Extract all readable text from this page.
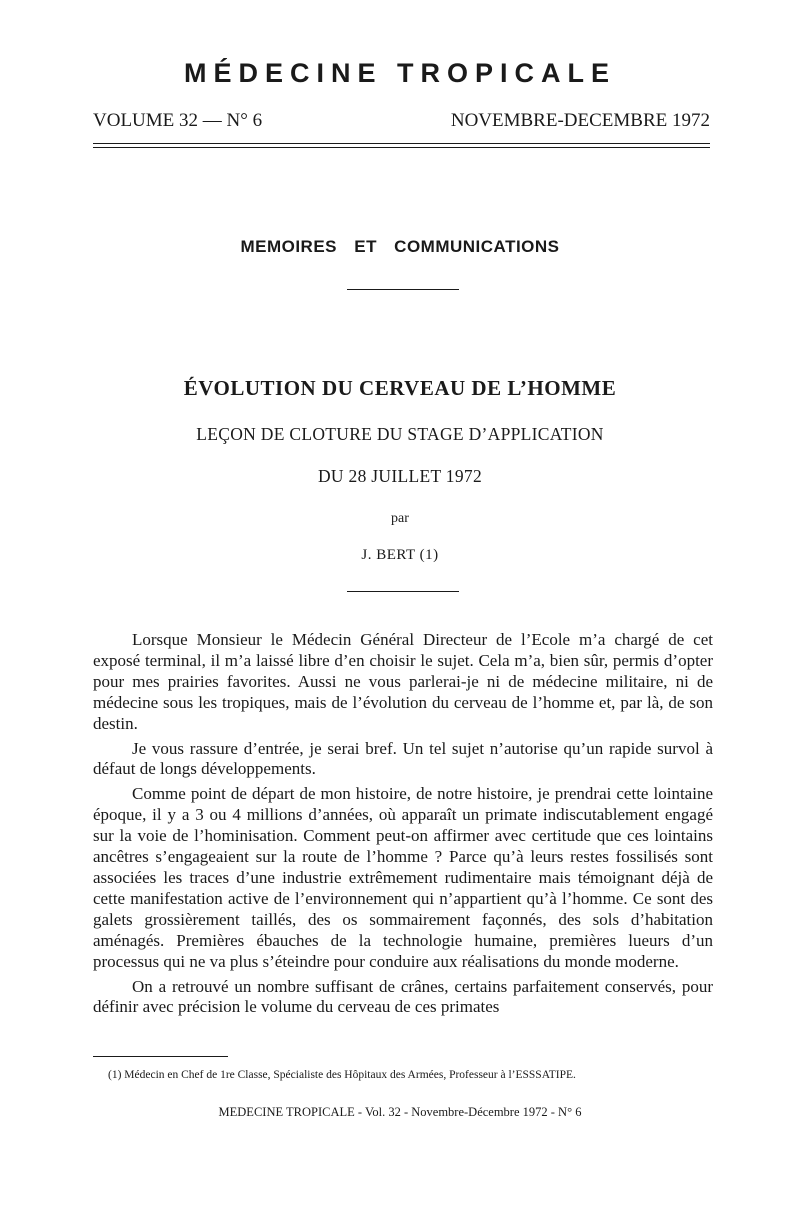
MÉDECINE TROPICALE
VOLUME 32 — N° 6	NOVEMBRE-DECEMBRE 1972
MEMOIRES ET COMMUNICATIONS
ÉVOLUTION DU CERVEAU DE L’HOMME
LEÇON DE CLOTURE DU STAGE D’APPLICATION
DU 28 JUILLET 1972
par
J. BERT (1)

Lorsque Monsieur le Médecin Général Directeur de l’Ecole m’a chargé de cet exposé terminal, il m’a laissé libre d’en choisir le sujet. Cela m’a, bien sûr, permis d’opter pour mes prairies favorites. Aussi ne vous parlerai-je ni de médecine militaire, ni de médecine sous les tropiques, mais de l’évolution du cerveau de l’homme et, par là, de son destin.

Je vous rassure d’entrée, je serai bref. Un tel sujet n’autorise qu’un rapide survol à défaut de longs développements.

Comme point de départ de mon histoire, de notre histoire, je prendrai cette lointaine époque, il y a 3 ou 4 millions d’années, où apparaît un primate indiscutablement engagé sur la voie de l’hominisation. Comment peut-on affirmer avec certitude que ces lointains ancêtres s’engageaient sur la route de l’homme ? Parce qu’à leurs restes fossilisés sont associées les traces d’une industrie extrêmement rudimentaire mais témoignant déjà de cette manifestation active de l’environnement qui n’appartient qu’à l’homme. Ce sont des galets grossièrement taillés, des os sommairement façonnés, des sols d’habitation aménagés. Premières ébauches de la technologie humaine, premières lueurs d’un processus qui ne va plus s’éteindre pour conduire aux réalisations du monde moderne.

On a retrouvé un nombre suffisant de crânes, certains parfaitement conservés, pour définir avec précision le volume du cerveau de ces primates

(1) Médecin en Chef de 1re Classe, Spécialiste des Hôpitaux des Armées, Professeur à l’ESSSATIPE.
MEDECINE TROPICALE - Vol. 32 - Novembre-Décembre 1972 - N° 6
